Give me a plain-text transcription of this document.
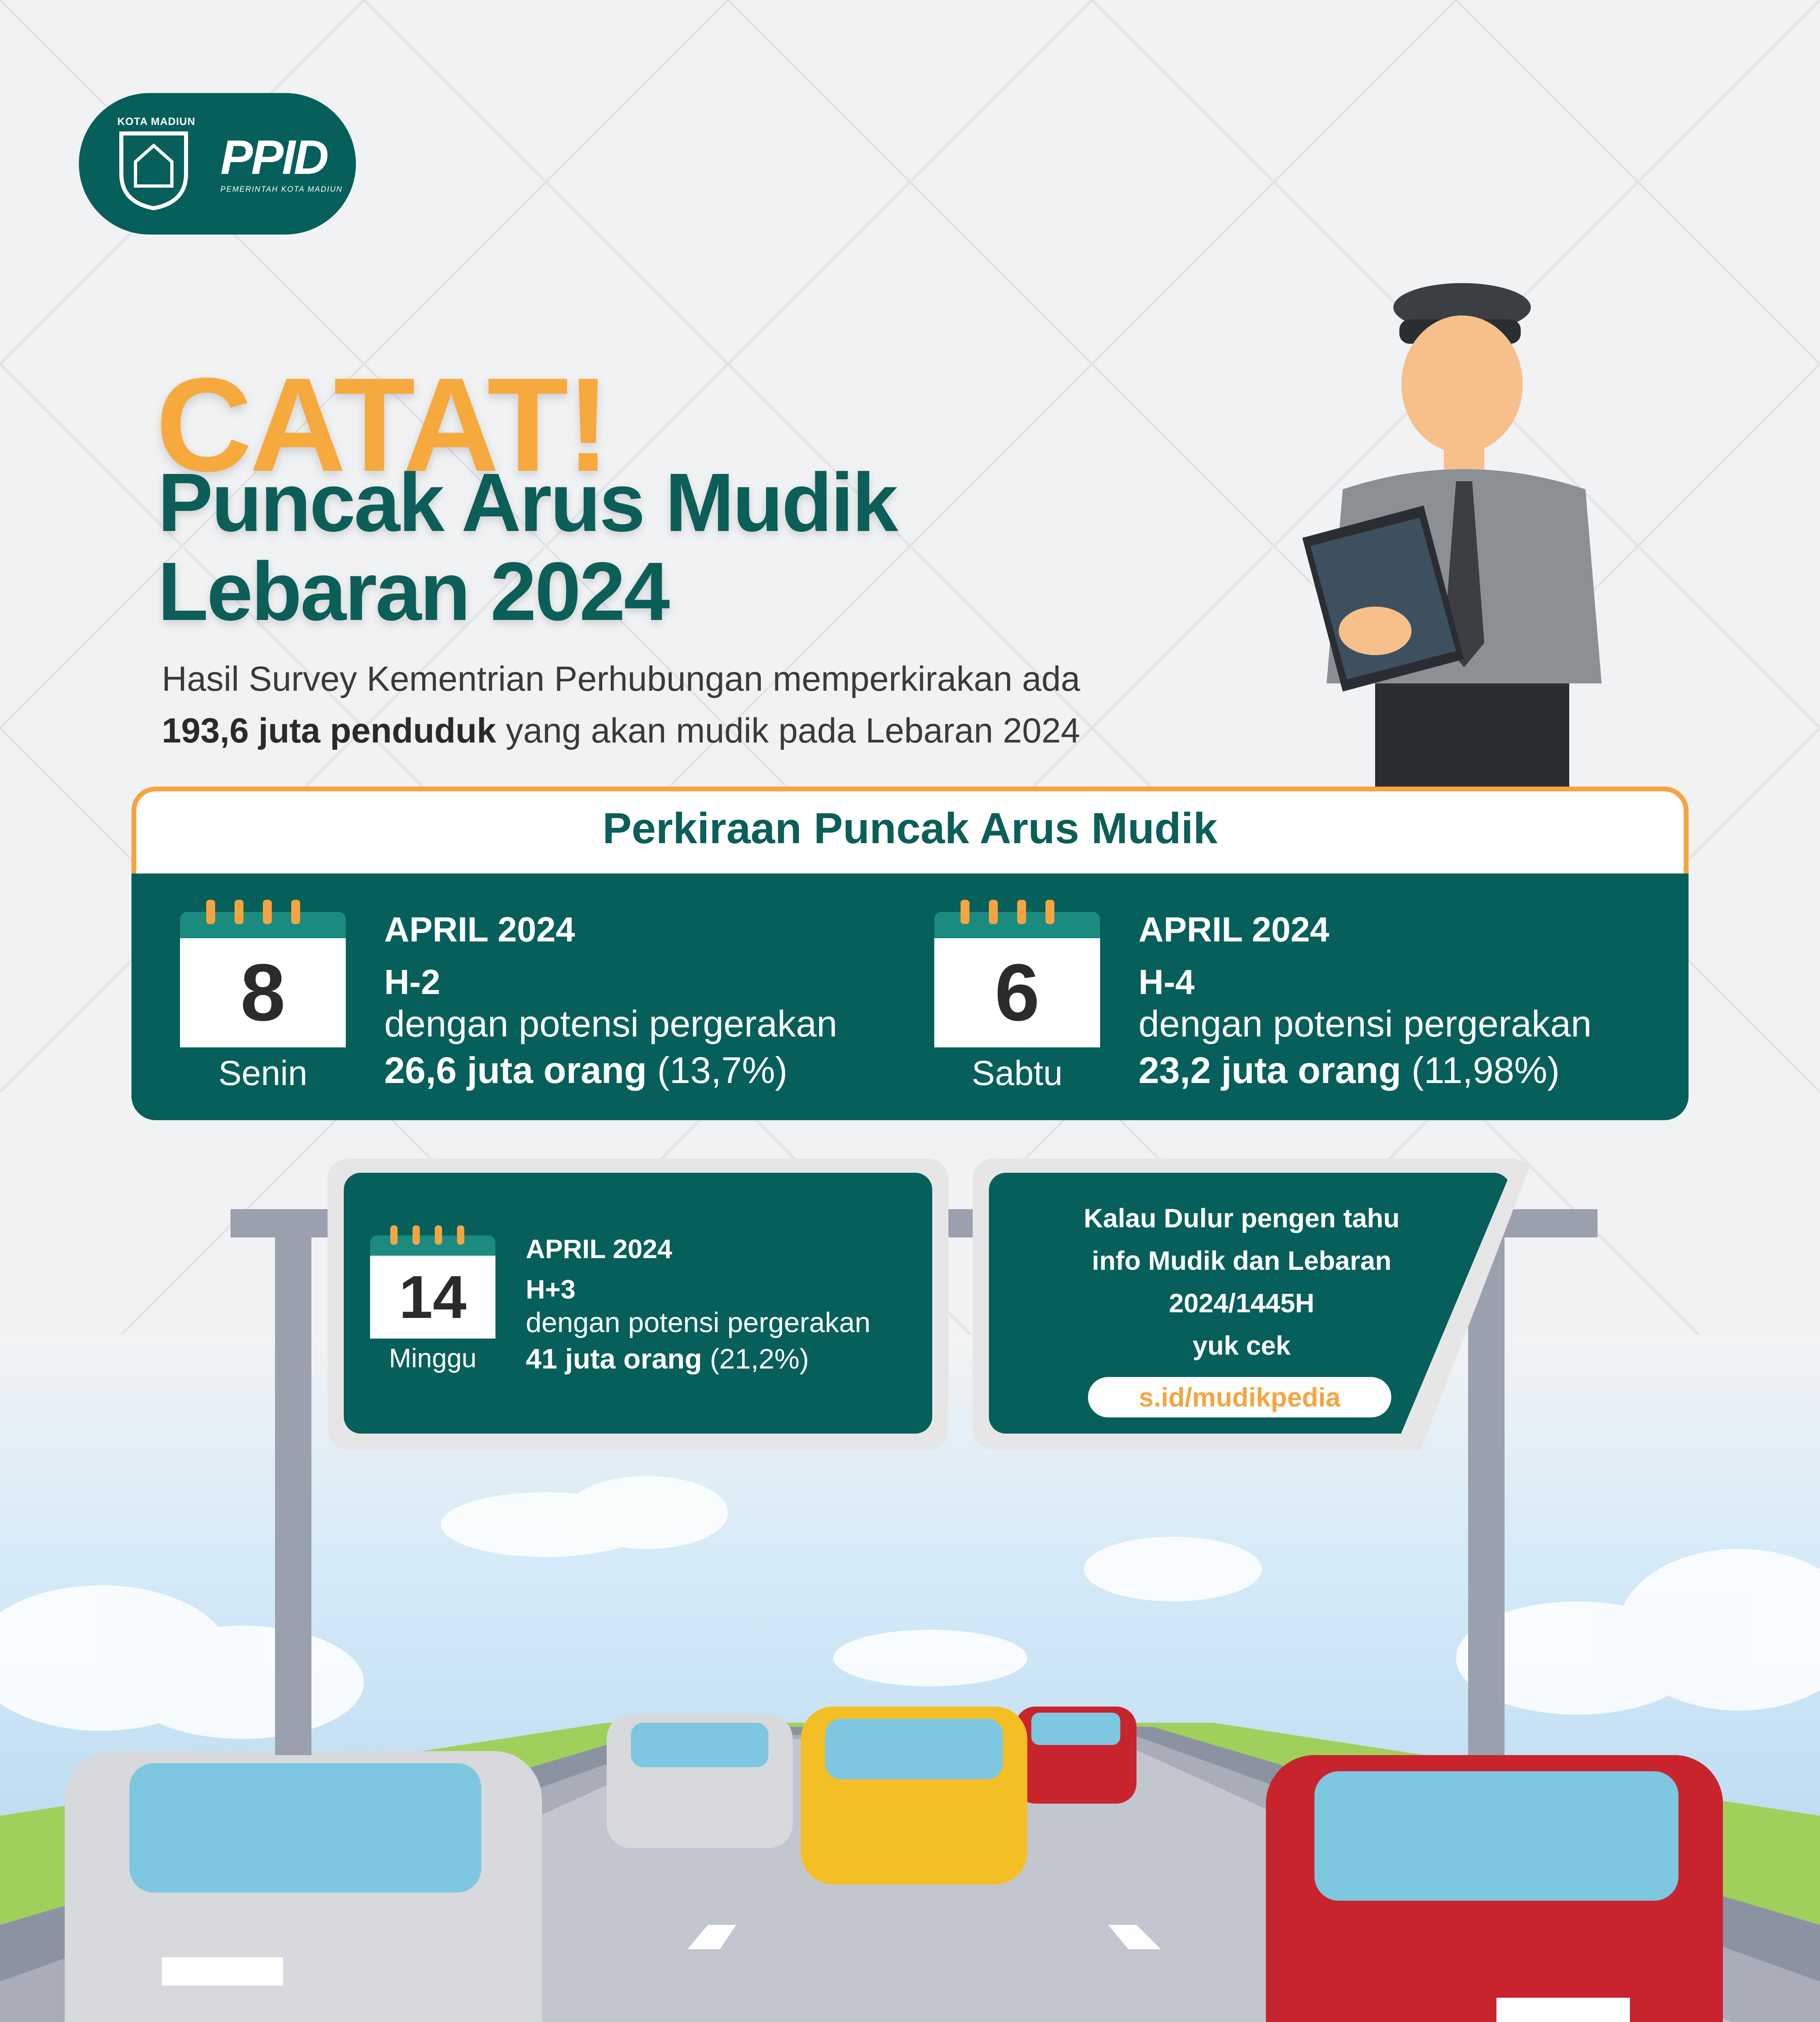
KOTA MADIUN
PPID
PEMERINTAH KOTA MADIUN
CATAT!
Puncak Arus Mudik
Lebaran 2024
Hasil Survey Kementrian Perhubungan memperkirakan ada
193,6 juta penduduk yang akan mudik pada Lebaran 2024
Perkiraan Puncak Arus Mudik
8
Senin
APRIL 2024
H-2
dengan potensi pergerakan
26,6 juta orang (13,7%)
6
Sabtu
APRIL 2024
H-4
dengan potensi pergerakan
23,2 juta orang (11,98%)
14
Minggu
APRIL 2024
H+3
dengan potensi pergerakan
41 juta orang (21,2%)
Kalau Dulur pengen tahu
info Mudik dan Lebaran
2024/1445H
yuk cek
s.id/mudikpedia
